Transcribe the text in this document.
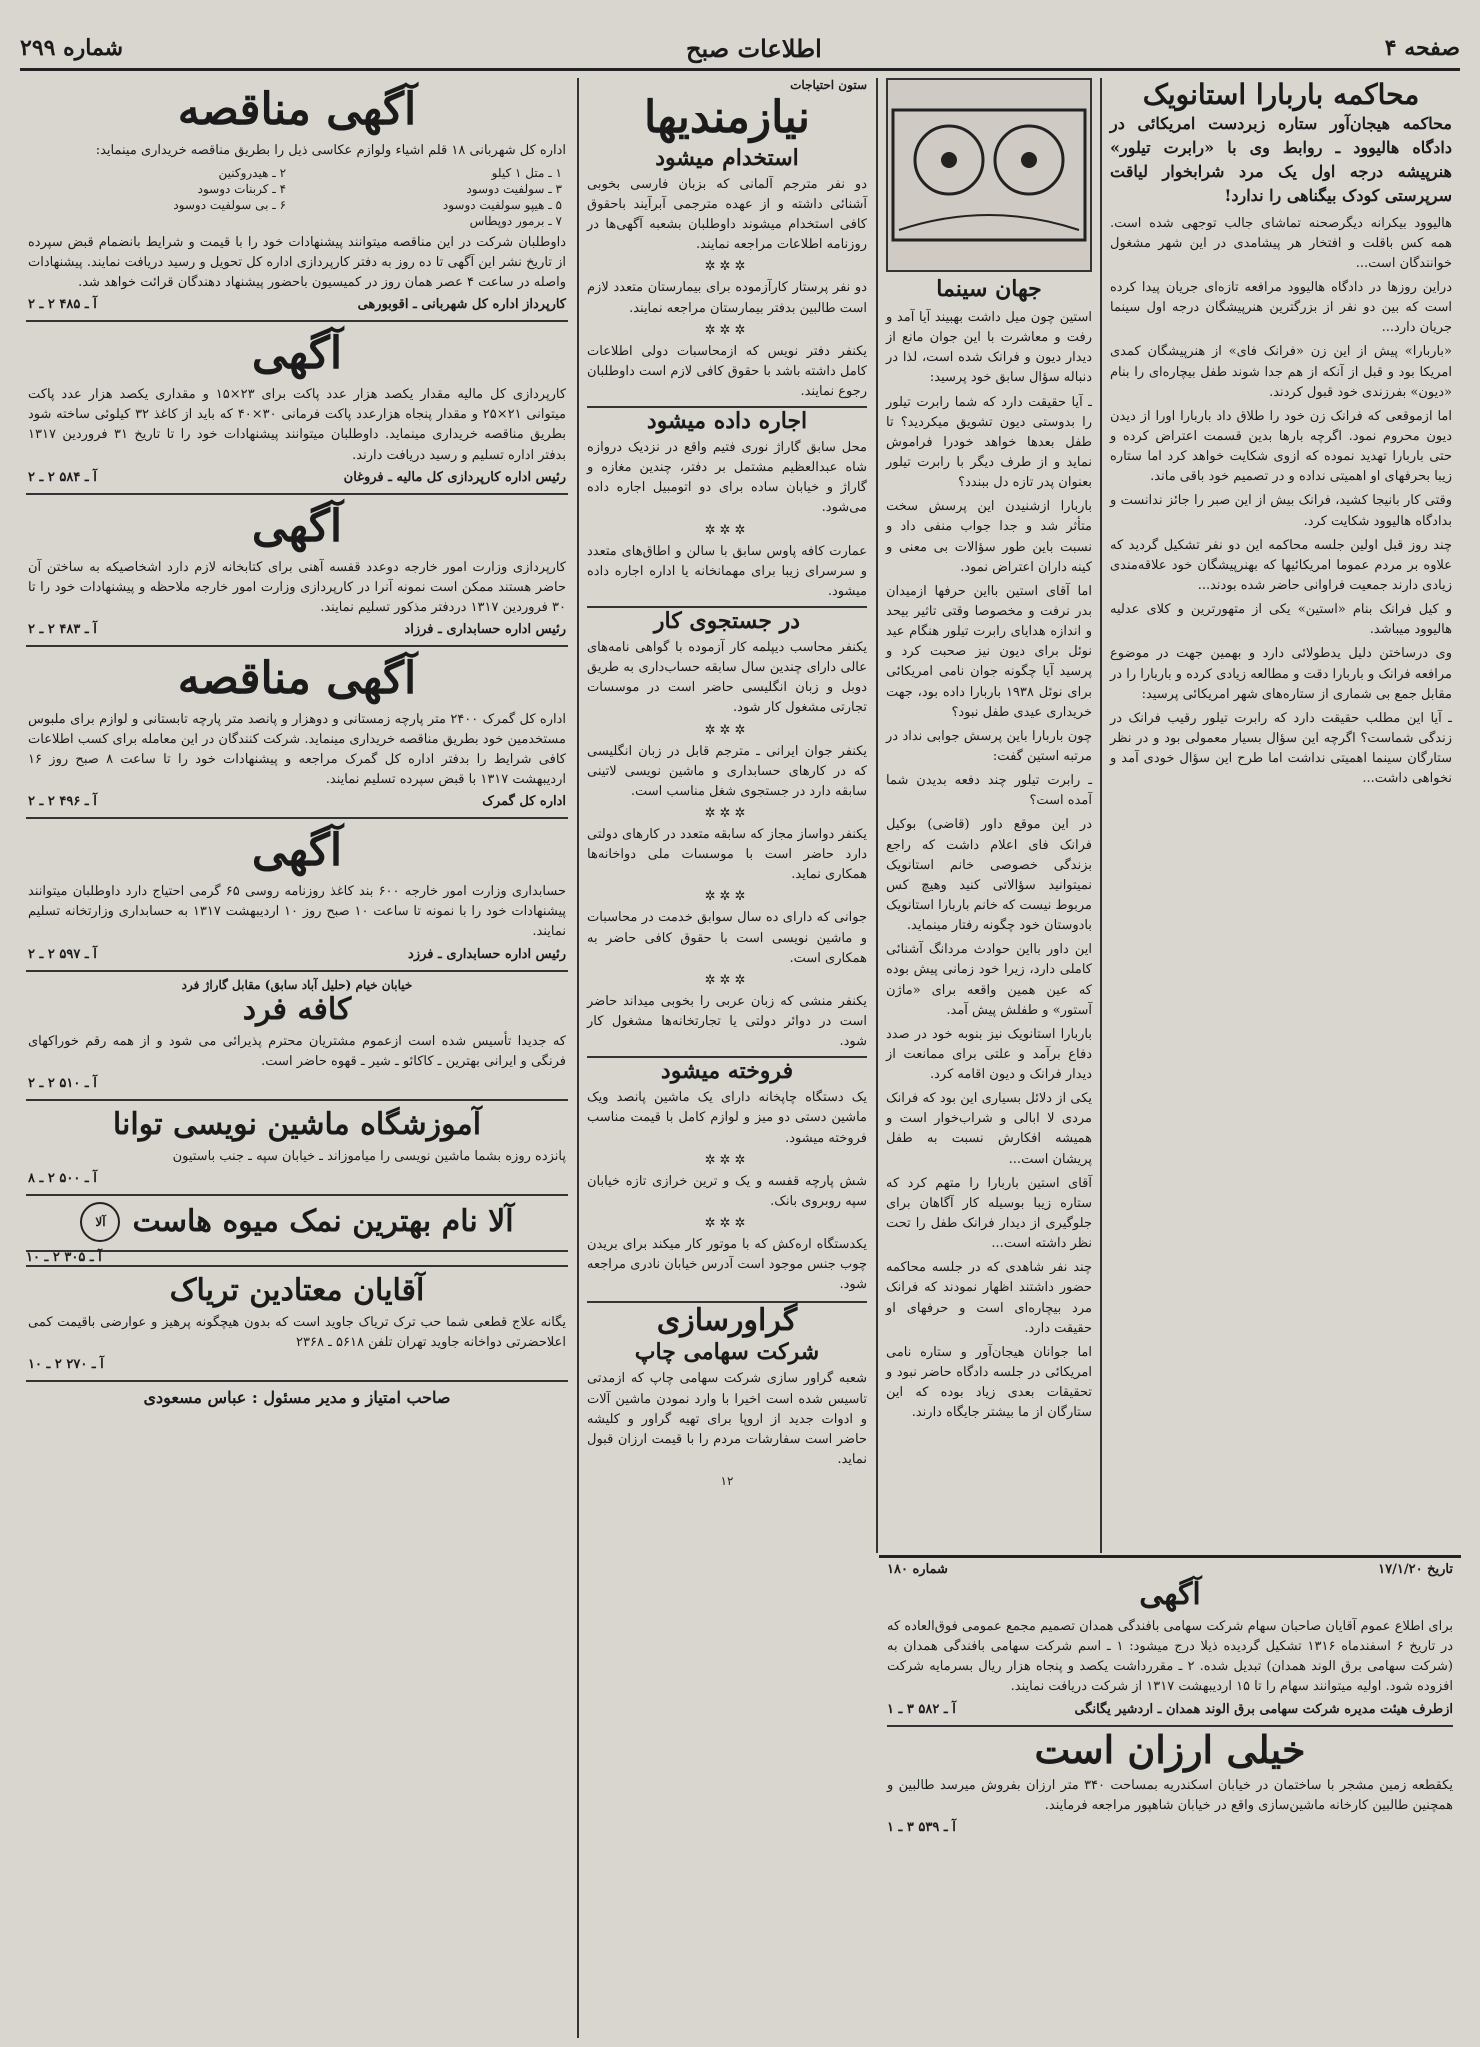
صفحه ۴
اطلاعات صبح
شماره ۲۹۹
محاکمه باربارا استانویک
محاکمه هیجان‌آور ستاره زبردست امریکائی در دادگاه هالیوود ـ روابط وی با «رابرت تیلور» هنرپیشه درجه اول یک مرد شرابخوار لیاقت سرپرستی کودک بیگناهی را ندارد!

هالیوود بیکرانه دیگرصحنه تماشای جالب توجهی شده است. همه کس باقلت و افتخار هر پیشامدی در این شهر مشغول خوانندگان است...

دراین روزها در دادگاه هالیوود مرافعه تازه‌ای جریان پیدا کرده است که بین دو نفر از بزرگترین هنرپیشگان درجه اول سینما جریان دارد...

«باربارا» پیش از این زن «فرانک فای» از هنرپیشگان کمدی امریکا بود و قبل از آنکه از هم جدا شوند طفل بیچاره‌ای را بنام «دیون» بفرزندی خود قبول کردند.

اما ازموقعی که فرانک زن خود را طلاق داد باربارا اورا از دیدن دیون محروم نمود. اگرچه بارها بدین قسمت اعتراض کرده و حتی باربارا تهدید نموده که ازوی شکایت خواهد کرد اما ستاره زیبا بحرفهای او اهمیتی نداده و در تصمیم خود باقی ماند.

وقتی کار بانیجا کشید، فرانک بیش از این صبر را جائز ندانست و بدادگاه هالیوود شکایت کرد.

چند روز قبل اولین جلسه محاکمه این دو نفر تشکیل گردید که علاوه بر مردم عموما امریکائیها که بهنرپیشگان خود علاقه‌مندی زیادی دارند جمعیت فراوانی حاضر شده بودند...

و کیل فرانک بنام «استین» یکی از متهورترین و کلای عدلیه هالیوود میباشد.

وی درساختن دلیل یدطولائی دارد و بهمین جهت در موضوع مرافعه فرانک و باربارا دقت و مطالعه زیادی کرده و باربارا را در مقابل جمع بی شماری از ستاره‌های شهر امریکائی پرسید:

ـ آیا این مطلب حقیقت دارد که رابرت تیلور رقیب فرانک در زندگی شماست؟ اگرچه این سؤال بسیار معمولی بود و در نظر ستارگان سینما اهمیتی نداشت اما طرح این سؤال خودی آمد و نخواهی داشت...

جهان سینما

استین چون میل داشت بهبیند آیا آمد و رفت و معاشرت با این جوان مانع از دیدار دیون و فرانک شده است، لذا در دنباله سؤال سابق خود پرسید:

ـ آیا حقیقت دارد که شما رابرت تیلور را بدوستی دیون تشویق میکردید؟ تا طفل بعدها خواهد خودرا فراموش نماید و از طرف دیگر با رابرت تیلور بعنوان پدر تازه دل ببندد؟

باربارا ازشنیدن این پرسش سخت متأثر شد و جدا جواب منفی داد و نسبت باین طور سؤالات بی معنی و کینه داران اعتراض نمود.

اما آقای استین بااین حرفها ازمیدان بدر نرفت و مخصوصا وقتی تاثیر بیحد و اندازه هدایای رابرت تیلور هنگام عید نوئل برای دیون نیز صحبت کرد و پرسید آیا چگونه جوان نامی امریکائی برای نوئل ۱۹۳۸ باربارا داده بود، جهت خریداری عیدی طفل نبود؟

چون باربارا باین پرسش جوابی نداد در مرتبه استین گفت:

ـ رابرت تیلور چند دفعه بدیدن شما آمده است؟

در این موقع داور (قاضی) بوکیل فرانک فای اعلام داشت که راجع بزندگی خصوصی خانم استانویک نمیتوانید سؤالاتی کنید وهیچ کس مربوط نیست که خانم باربارا استانویک بادوستان خود چگونه رفتار مینماید.

این داور بااین حوادث مردانگ آشنائی کاملی دارد، زیرا خود زمانی پیش بوده که عین همین واقعه برای «ماژن آستور» و طفلش پیش آمد.

باربارا استانویک نیز بنوبه خود در صدد دفاع برآمد و علتی برای ممانعت از دیدار فرانک و دیون اقامه کرد.

یکی از دلائل بسیاری این بود که فرانک مردی لا ابالی و شراب‌خوار است و همیشه افکارش نسبت به طفل پریشان است...

آقای استین باربارا را متهم کرد که ستاره زیبا بوسیله کار آگاهان برای جلوگیری از دیدار فرانک طفل را تحت نظر داشته است...

چند نفر شاهدی که در جلسه محاکمه حضور داشتند اظهار نمودند که فرانک مرد بیچاره‌ای است و حرفهای او حقیقت دارد.

اما جوانان هیجان‌آور و ستاره نامی امریکائی در جلسه دادگاه حاضر نبود و تحقیقات بعدی زیاد بوده که این ستارگان از ما بیشتر جایگاه دارند.

ستون احتیاجات
نیازمندیها
استخدام میشود

دو نفر مترجم آلمانی که بزبان فارسی بخوبی آشنائی داشته و از عهده مترجمی آبرآیند باحقوق کافی استخدام میشوند داوطلبان بشعبه آگهی‌ها در روزنامه اطلاعات مراجعه نمایند.

✲✲✲

دو نفر پرستار کارآزموده برای بیمارستان متعدد لازم است طالبین بدفتر بیمارستان مراجعه نمایند.

✲✲✲

یکنفر دفتر نویس که ازمحاسبات دولی اطلاعات کامل داشته باشد با حقوق کافی لازم است داوطلبان رجوع نمایند.

اجاره داده میشود

محل سابق گاراژ نوری فتیم واقع در نزدیک دروازه شاه عبدالعظیم مشتمل بر دفتر، چندین مغازه و گاراژ و خیابان ساده برای دو اتومبیل اجاره داده می‌شود.

✲✲✲

عمارت کافه پاوس سابق با سالن و اطاق‌های متعدد و سرسرای زیبا برای مهمانخانه یا اداره اجاره داده میشود.

در جستجوی کار

یکنفر محاسب دیپلمه کار آزموده با گواهی نامه‌های عالی دارای چندین سال سابقه حساب‌داری به طریق دوبل و زبان انگلیسی حاضر است در موسسات تجارتی مشغول کار شود.

✲✲✲

یکنفر جوان ایرانی ـ مترجم قابل در زبان انگلیسی که در کارهای حسابداری و ماشین نویسی لاتینی سابقه دارد در جستجوی شغل مناسب است.

✲✲✲

یکنفر دواساز مجاز که سابقه متعدد در کارهای دولتی دارد حاضر است با موسسات ملی دواخانه‌ها همکاری نماید.

✲✲✲

جوانی که دارای ده سال سوابق خدمت در محاسبات و ماشین نویسی است با حقوق کافی حاضر به همکاری است.

✲✲✲

یکنفر منشی که زبان عربی را بخوبی میداند حاضر است در دوائر دولتی یا تجارتخانه‌ها مشغول کار شود.

فروخته میشود

یک دستگاه چاپخانه دارای یک ماشین پانصد ویک ماشین دستی دو میز و لوازم کامل با قیمت مناسب فروخته میشود.

✲✲✲

شش پارچه قفسه و یک و ترین خرازی تازه خیابان سپه روبروی بانک.

✲✲✲

یکدستگاه اره‌کش که با موتور کار میکند برای بریدن چوب جنس موجود است آدرس خیابان نادری مراجعه شود.

گراورسازی
شرکت سهامی چاپ

شعبه گراور سازی شرکت سهامی چاپ که ازمدتی تاسیس شده است اخیرا با وارد نمودن ماشین آلات و ادوات جدید از اروپا برای تهیه گراور و کلیشه حاضر است سفارشات مردم را با قیمت ارزان قبول نماید.

۱۲
تاریخ ۱۷/۱/۲۰
شماره ۱۸۰
آگهی

برای اطلاع عموم آقایان صاحبان سهام شرکت سهامی بافندگی همدان تصمیم مجمع عمومی فوق‌العاده که در تاریخ ۶ اسفندماه ۱۳۱۶ تشکیل گردیده ذیلا درج میشود: ۱ ـ اسم شرکت سهامی بافندگی همدان به (شرکت سهامی برق الوند همدان) تبدیل شده. ۲ ـ مقررداشت یکصد و پنجاه هزار ریال بسرمایه شرکت افزوده شود. اولیه میتوانند سهام را تا ۱۵ اردیبهشت ۱۳۱۷ از شرکت دریافت نمایند.

ازطرف هیئت مدیره شرکت سهامی برق الوند همدان ـ اردشیر یگانگی
آ ـ ۵۸۲ ۳ ـ ۱
خیلی ارزان است

یکقطعه زمین مشجر با ساختمان در خیابان اسکندریه بمساحت ۳۴۰ متر ارزان بفروش میرسد طالبین و همچنین طالبین کارخانه ماشین‌سازی واقع در خیابان شاهپور مراجعه فرمایند.

آ ـ ۵۳۹ ۳ ـ ۱
آگهی مناقصه

اداره کل شهربانی ۱۸ قلم اشیاء ولوازم عکاسی ذیل را بطریق مناقصه خریداری مینماید:

۱ ـ متل ۱ کیلو	۲ ـ هیدروکنین
۳ ـ سولفیت دوسود	۴ ـ کربنات دوسود
۵ ـ هیپو سولفیت دوسود	۶ ـ بی سولفیت دوسود
۷ ـ برمور دوپطاس	

داوطلبان شرکت در این مناقصه میتوانند پیشنهادات خود را با قیمت و شرایط بانضمام قبض سپرده از تاریخ نشر این آگهی تا ده روز به دفتر کارپردازی اداره کل تحویل و رسید دریافت نمایند. پیشنهادات واصله در ساعت ۴ عصر همان روز در کمیسیون باحضور پیشنهاد دهندگان قرائت خواهد شد.

کارپرداز اداره کل شهربانی ـ اقوبورهی
آ ـ ۴۸۵ ۲ ـ ۲
آگهی

کارپردازی کل مالیه مقدار یکصد هزار عدد پاکت برای ۲۳×۱۵ و مقداری یکصد هزار عدد پاکت میتوانی ۲۱×۲۵ و مقدار پنجاه هزارعدد پاکت فرمانی ۳۰×۴۰ که باید از کاغذ ۳۲ کیلوئی ساخته شود بطریق مناقصه خریداری مینماید. داوطلبان میتوانند پیشنهادات خود را تا تاریخ ۳۱ فروردین ۱۳۱۷ بدفتر اداره تسلیم و رسید دریافت دارند.

رئیس اداره کارپردازی کل مالیه ـ فروغان
آ ـ ۵۸۴ ۲ ـ ۲
آگهی

کارپردازی وزارت امور خارجه دوعدد قفسه آهنی برای کتابخانه لازم دارد اشخاصیکه به ساختن آن حاضر هستند ممکن است نمونه آنرا در کارپردازی وزارت امور خارجه ملاحظه و پیشنهادات خود را تا ۳۰ فروردین ۱۳۱۷ دردفتر مذکور تسلیم نمایند.

رئیس اداره حسابداری ـ فرزاد
آ ـ ۴۸۳ ۲ ـ ۲
آگهی مناقصه

اداره کل گمرک ۲۴۰۰ متر پارچه زمستانی و دوهزار و پانصد متر پارچه تابستانی و لوازم برای ملبوس مستخدمین خود بطریق مناقصه خریداری مینماید. شرکت کنندگان در این معامله برای کسب اطلاعات کافی شرایط را بدفتر اداره کل گمرک مراجعه و پیشنهادات خود را تا ساعت ۸ صبح روز ۱۶ اردیبهشت ۱۳۱۷ با قبض سپرده تسلیم نمایند.

اداره کل گمرک
آ ـ ۴۹۶ ۲ ـ ۲
آگهی

حسابداری وزارت امور خارجه ۶۰۰ بند کاغذ روزنامه روسی ۶۵ گرمی احتیاج دارد داوطلبان میتوانند پیشنهادات خود را با نمونه تا ساعت ۱۰ صبح روز ۱۰ اردیبهشت ۱۳۱۷ به حسابداری وزارتخانه تسلیم نمایند.

رئیس اداره حسابداری ـ فرزد
آ ـ ۵۹۷ ۲ ـ ۲
خیابان خیام (حلیل آباد سابق) مقابل گاراژ فرد
کافه فرد

که جدیدا تأسیس شده است ازعموم مشتریان محترم پذیرائی می شود و از همه رقم خوراکهای فرنگی و ایرانی بهترین ـ کاکائو ـ شیر ـ قهوه حاضر است.

آ ـ ۵۱۰ ۲ ـ ۲
آموزشگاه ماشین نویسی توانا

پانزده روزه بشما ماشین نویسی را میاموزاند ـ خیابان سپه ـ جنب باستیون

آ ـ ۵۰۰ ۲ ـ ۸
آلا نام بهترین نمک میوه هاست
آلا
آ ـ ۳۰۵ ۲ ـ ۱۰
آقایان معتادین تریاک

یگانه علاج قطعی شما حب ترک تریاک جاوید است که بدون هیچگونه پرهیز و عوارضی باقیمت کمی اعلاحضرتی دواخانه جاوید تهران تلفن ۵۶۱۸ ـ ۲۳۶۸

آ ـ ۲۷۰ ۲ ـ ۱۰
صاحب امتیاز و مدیر مسئول : عباس مسعودی
